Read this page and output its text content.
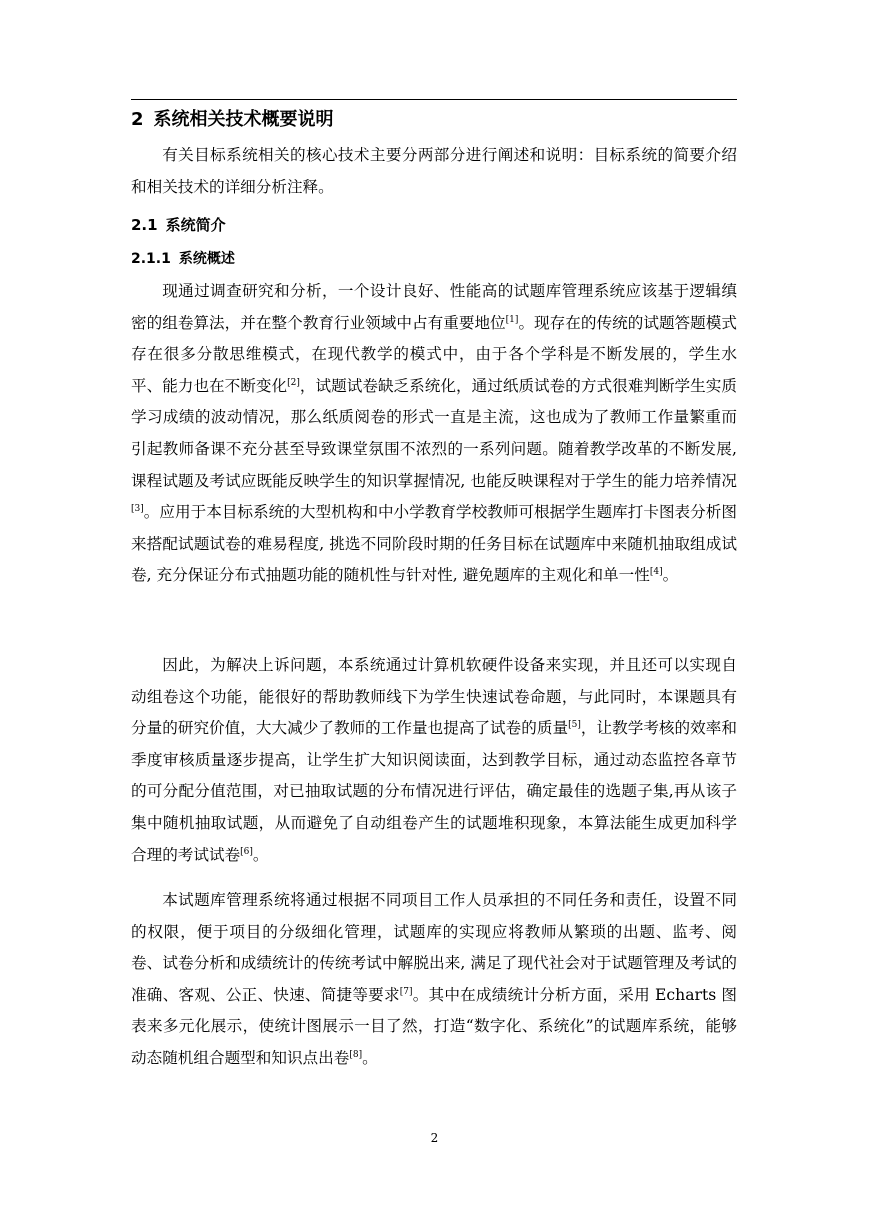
2 系统相关技术概要说明

有关目标系统相关的核心技术主要分两部分进行阐述和说明：目标系统的简要介绍和相关技术的详细分析注释。

2.1 系统简介
2.1.1 系统概述

现通过调查研究和分析，一个设计良好、性能高的试题库管理系统应该基于逻辑缜密的组卷算法，并在整个教育行业领域中占有重要地位[1]。现存在的传统的试题答题模式存在很多分散思维模式，在现代教学的模式中，由于各个学科是不断发展的，学生水平、能力也在不断变化[2]，试题试卷缺乏系统化，通过纸质试卷的方式很难判断学生实质学习成绩的波动情况，那么纸质阅卷的形式一直是主流，这也成为了教师工作量繁重而引起教师备课不充分甚至导致课堂氛围不浓烈的一系列问题。随着教学改革的不断发展, 课程试题及考试应既能反映学生的知识掌握情况, 也能反映课程对于学生的能力培养情况[3]。应用于本目标系统的大型机构和中小学教育学校教师可根据学生题库打卡图表分析图来搭配试题试卷的难易程度, 挑选不同阶段时期的任务目标在试题库中来随机抽取组成试卷, 充分保证分布式抽题功能的随机性与针对性, 避免题库的主观化和单一性[4]。

因此，为解决上诉问题，本系统通过计算机软硬件设备来实现，并且还可以实现自动组卷这个功能，能很好的帮助教师线下为学生快速试卷命题，与此同时，本课题具有分量的研究价值，大大减少了教师的工作量也提高了试卷的质量[5]，让教学考核的效率和季度审核质量逐步提高，让学生扩大知识阅读面，达到教学目标，通过动态监控各章节的可分配分值范围，对已抽取试题的分布情况进行评估，确定最佳的选题子集,再从该子集中随机抽取试题，从而避免了自动组卷产生的试题堆积现象，本算法能生成更加科学合理的考试试卷[6]。

本试题库管理系统将通过根据不同项目工作人员承担的不同任务和责任，设置不同的权限，便于项目的分级细化管理，试题库的实现应将教师从繁琐的出题、监考、阅卷、试卷分析和成绩统计的传统考试中解脱出来, 满足了现代社会对于试题管理及考试的准确、客观、公正、快速、简捷等要求[7]。其中在成绩统计分析方面，采用 Echarts 图表来多元化展示，使统计图展示一目了然，打造“数字化、系统化”的试题库系统，能够动态随机组合题型和知识点出卷[8]。

2
